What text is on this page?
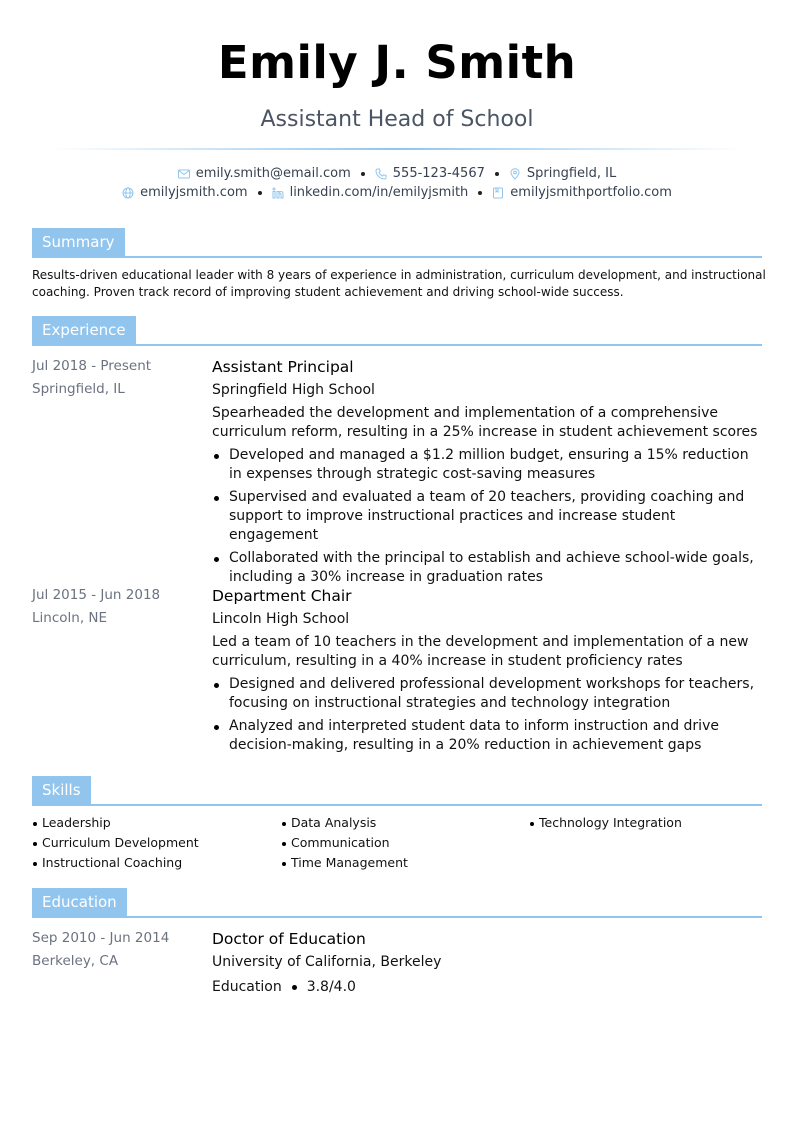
Emily J. Smith
Assistant Head of School
emily.smith@email.com	555-123-4567	Springfield, IL
emilyjsmith.com	linkedin.com/in/emilyjsmith	emilyjsmithportfolio.com
Summary
Results-driven educational leader with 8 years of experience in administration, curriculum development, and instructional coaching. Proven track record of improving student achievement and driving school-wide success.
Experience
Jul 2018 - Present
Springfield, IL
Assistant Principal
Springfield High School
Spearheaded the development and implementation of a comprehensive curriculum reform, resulting in a 25% increase in student achievement scores
Developed and managed a $1.2 million budget, ensuring a 15% reduction in expenses through strategic cost-saving measures
Supervised and evaluated a team of 20 teachers, providing coaching and support to improve instructional practices and increase student engagement
Collaborated with the principal to establish and achieve school-wide goals, including a 30% increase in graduation rates
Jul 2015 - Jun 2018
Lincoln, NE
Department Chair
Lincoln High School
Led a team of 10 teachers in the development and implementation of a new curriculum, resulting in a 40% increase in student proficiency rates
Designed and delivered professional development workshops for teachers, focusing on instructional strategies and technology integration
Analyzed and interpreted student data to inform instruction and drive decision-making, resulting in a 20% reduction in achievement gaps
Skills
Leadership
Curriculum Development
Instructional Coaching
Data Analysis
Communication
Time Management
Technology Integration
Education
Sep 2010 - Jun 2014
Berkeley, CA
Doctor of Education
University of California, Berkeley
Education 3.8/4.0
